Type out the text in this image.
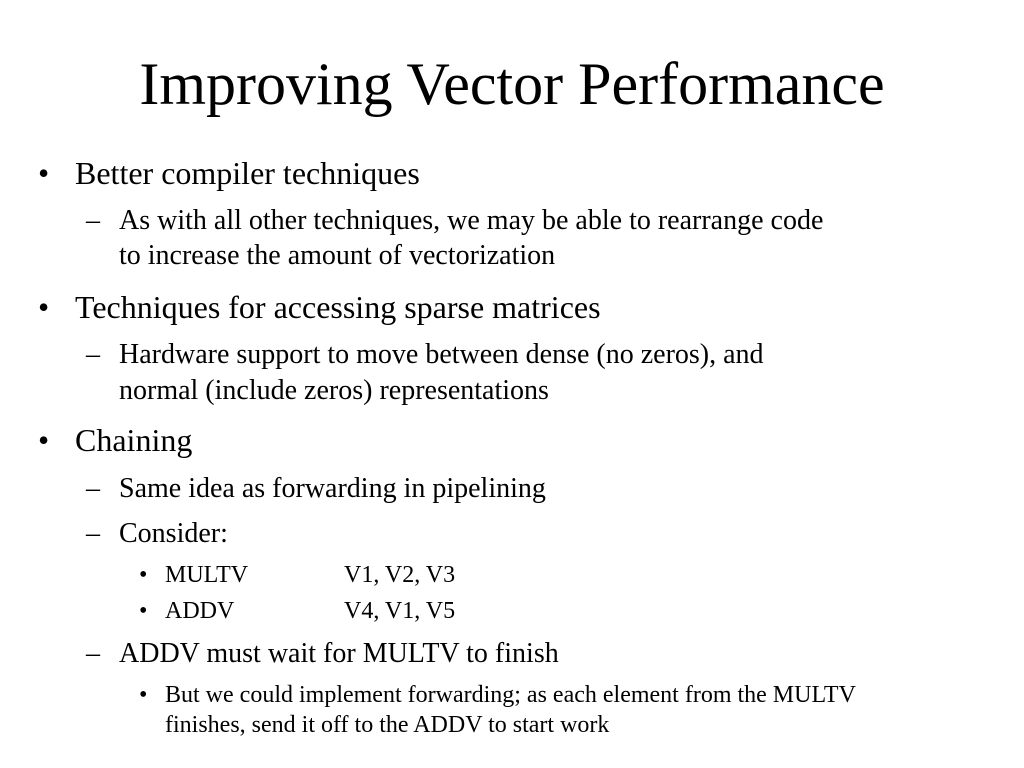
Improving Vector Performance
• Better compiler techniques
– As with all other techniques, we may be able to rearrange code
to increase the amount of vectorization
• Techniques for accessing sparse matrices
– Hardware support to move between dense (no zeros), and
normal (include zeros) representations
• Chaining
– Same idea as forwarding in pipelining
– Consider:
• MULTV	V1, V2, V3
• ADDV	V4, V1, V5
– ADDV must wait for MULTV to finish
• But we could implement forwarding; as each element from the MULTV
finishes, send it off to the ADDV to start work
